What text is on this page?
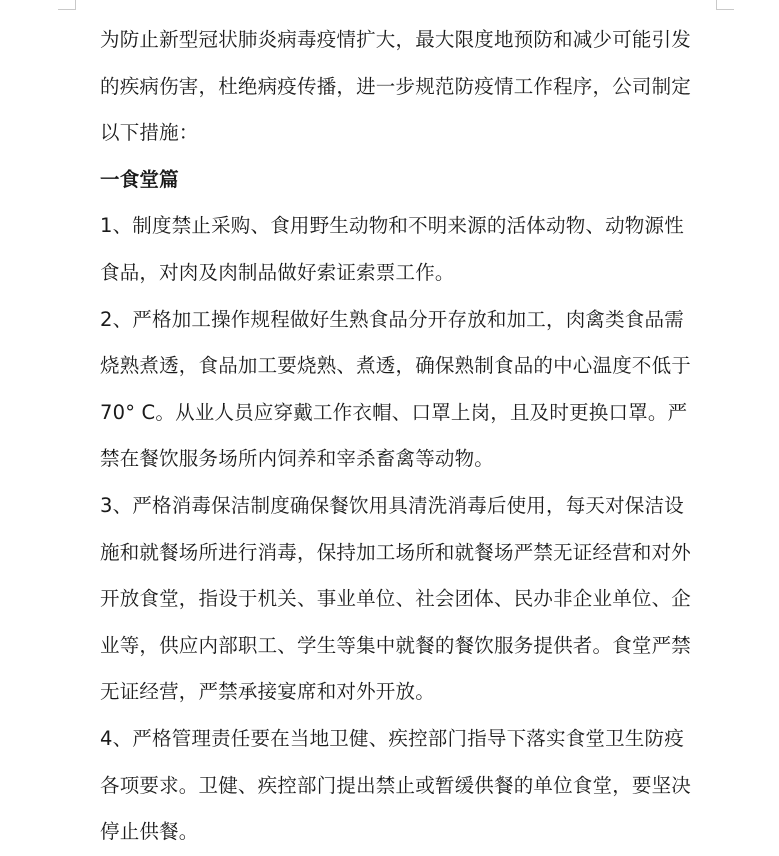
为防止新型冠状肺炎病毒疫情扩大，最大限度地预防和减少可能引发
的疾病伤害，杜绝病疫传播，进一步规范防疫情工作程序，公司制定
以下措施：
一食堂篇
1、制度禁止采购、食用野生动物和不明来源的活体动物、动物源性
食品，对肉及肉制品做好索证索票工作。
2、严格加工操作规程做好生熟食品分开存放和加工，肉禽类食品需
烧熟煮透，食品加工要烧熟、煮透，确保熟制食品的中心温度不低于
70° C。从业人员应穿戴工作衣帽、口罩上岗，且及时更换口罩。严
禁在餐饮服务场所内饲养和宰杀畜禽等动物。
3、严格消毒保洁制度确保餐饮用具清洗消毒后使用，每天对保洁设
施和就餐场所进行消毒，保持加工场所和就餐场严禁无证经营和对外
开放食堂，指设于机关、事业单位、社会团体、民办非企业单位、企
业等，供应内部职工、学生等集中就餐的餐饮服务提供者。食堂严禁
无证经营，严禁承接宴席和对外开放。
4、严格管理责任要在当地卫健、疾控部门指导下落实食堂卫生防疫
各项要求。卫健、疾控部门提出禁止或暂缓供餐的单位食堂，要坚决
停止供餐。
